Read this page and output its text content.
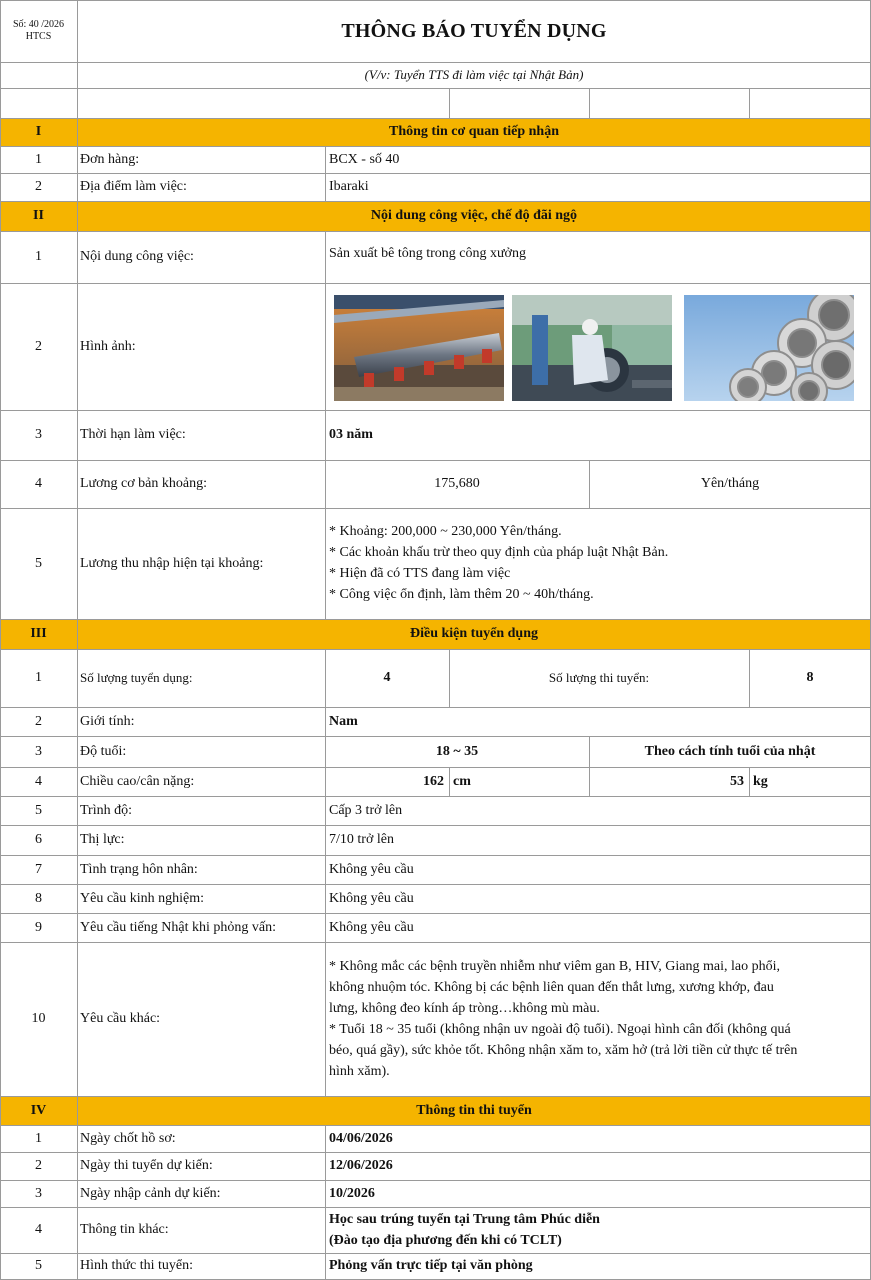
Số: 40 /2026
HTCS	THÔNG BÁO TUYỂN DỤNG
(V/v: Tuyển TTS đi làm việc tại Nhật Bản)
I	Thông tin cơ quan tiếp nhận
1	Đơn hàng:	BCX - số 40
2	Địa điểm làm việc:	Ibaraki
II	Nội dung công việc, chế độ đãi ngộ
1	Nội dung công việc:	Sản xuất bê tông trong công xưởng
2	Hình ảnh:
3	Thời hạn làm việc:	03 năm
4	Lương cơ bản khoảng:	175,680	Yên/tháng
5	Lương thu nhập hiện tại khoảng:
* Khoảng: 200,000 ~ 230,000 Yên/tháng.
* Các khoản khấu trừ theo quy định của pháp luật Nhật Bản.
* Hiện đã có TTS đang làm việc
* Công việc ổn định, làm thêm 20 ~ 40h/tháng.
III	Điều kiện tuyển dụng
1	Số lượng tuyển dụng:	4	Số lượng thi tuyển:	8
2	Giới tính:	Nam
3	Độ tuổi:	18 ~ 35	Theo cách tính tuổi của nhật
4	Chiều cao/cân nặng:	162 cm	53 kg
5	Trình độ:	Cấp 3 trở lên
6	Thị lực:	7/10 trở lên
7	Tình trạng hôn nhân:	Không yêu cầu
8	Yêu cầu kinh nghiệm:	Không yêu cầu
9	Yêu cầu tiếng Nhật khi phỏng vấn:	Không yêu cầu
10	Yêu cầu khác:
* Không mắc các bệnh truyền nhiễm như viêm gan B, HIV, Giang mai, lao phổi,
không nhuộm tóc. Không bị các bệnh liên quan đến thắt lưng, xương khớp, đau
lưng, không đeo kính áp tròng…không mù màu.
* Tuổi 18 ~ 35 tuổi (không nhận uv ngoài độ tuổi). Ngoại hình cân đối (không quá
béo, quá gầy), sức khỏe tốt. Không nhận xăm to, xăm hở (trả lời tiền cử thực tế trên
hình xăm).
IV	Thông tin thi tuyển
1	Ngày chốt hồ sơ:	04/06/2026
2	Ngày thi tuyển dự kiến:	12/06/2026
3	Ngày nhập cảnh dự kiến:	10/2026
4	Thông tin khác:
Học sau trúng tuyển tại Trung tâm Phúc diễn
(Đào tạo địa phương đến khi có TCLT)
5	Hình thức thi tuyển:	Phỏng vấn trực tiếp tại văn phòng
